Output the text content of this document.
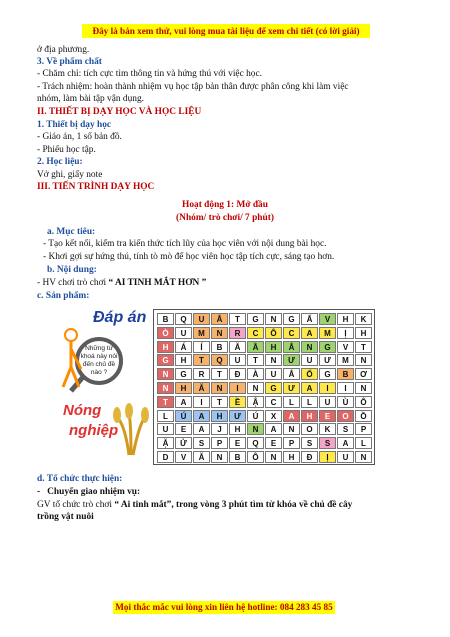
Đây là bản xem thử, vui lòng mua tài liệu để xem chi tiết (có lời giải)
ở địa phương.
3. Về phẩm chất
- Chăm chỉ: tích cực tìm thông tin và hứng thú với việc học.
- Trách nhiệm: hoàn thành nhiệm vụ học tập bản thân được phân công khi làm việc
nhóm, làm bài tập vận dụng.
II. THIẾT BỊ DẠY HỌC VÀ HỌC LIỆU
1. Thiết bị dạy học
- Giáo án, 1 số bản đồ.
- Phiếu học tập.
2. Học liệu:
Vở ghi, giấy note
III. TIẾN TRÌNH DẠY HỌC
Hoạt động 1: Mở đầu
(Nhóm/ trò chơi/ 7 phút)
a. Mục tiêu:
- Tạo kết nối, kiểm tra kiến thức tích lũy của học viên với nội dung bài học.
- Khơi gợi sự hứng thú, tính tò mò để học viên học tập tích cực, sáng tạo hơn.
b. Nội dung:
- HV chơi trò chơi “ AI TINH MẮT HƠN ”
c. Sản phẩm:
Đáp án
Những từ khoá này nói đến chủ đề nào ?
Nóng
nghiệp
B	Q	U	Ắ	T	G	N	G	Ấ	V	H	K
Ò	U	M	N	R	C	Ô	C	A	M	Ị	H
H	Á	Í	B	Ă	Ầ	H	Ắ	N	G	V	T
G	H	T	Q	U	T	N	Ư	U	Ư	M	N
N	G	R	T	Đ	À	U	Ắ	Ố	G	B	Ơ
N	H	Ă	N	I	N	G	Ư	A	I	I	N
T	A	I	T	Ề	Ậ	C	L	L	U	Ù	Ô
L	Ú	A	H	Ư	Ú	X	A	H	E	O	Ồ
U	E	A	J	H	N	A	N	O	K	S	P
Ặ	Ử	S	P	E	Q	E	P	S	S	A	L
D	V	Ă	N	B	Ô	N	H	Đ	Ị	U	N
d. Tổ chức thực hiện:
- Chuyển giao nhiệm vụ:
GV tổ chức trò chơi “ Ai tinh mắt”, trong vòng 3 phút tìm từ khóa về chủ đề cây
trồng vật nuôi
Mọi thắc mắc vui lòng xin liên hệ hotline: 084 283 45 85
